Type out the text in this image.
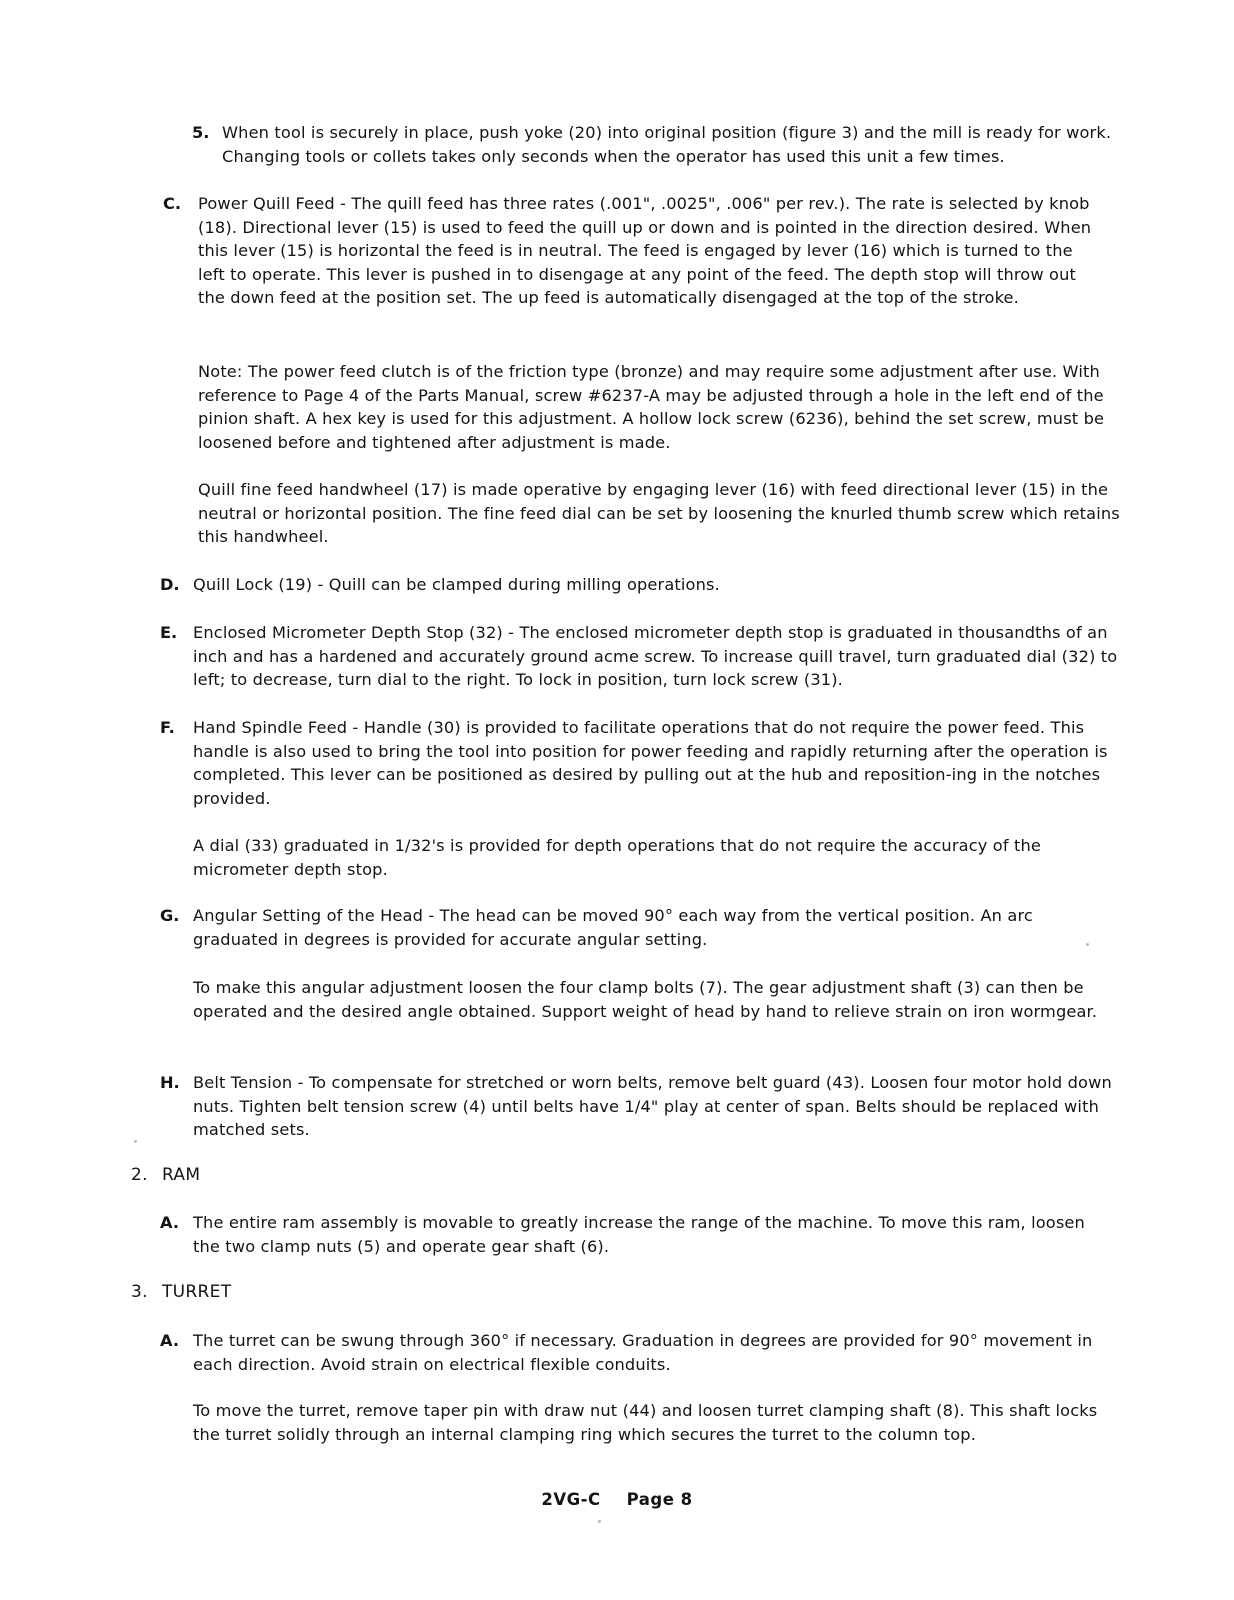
5. When tool is securely in place, push yoke (20) into original position (figure 3) and the mill is ready for work. Changing tools or collets takes only seconds when the operator has used this unit a few times.

C. Power Quill Feed - The quill feed has three rates (.001", .0025", .006" per rev.). The rate is selected by knob (18). Directional lever (15) is used to feed the quill up or down and is pointed in the direction desired. When this lever (15) is horizontal the feed is in neutral. The feed is engaged by lever (16) which is turned to the left to operate. This lever is pushed in to disengage at any point of the feed. The depth stop will throw out the down feed at the position set. The up feed is automatically disengaged at the top of the stroke.

Note: The power feed clutch is of the friction type (bronze) and may require some adjustment after use. With reference to Page 4 of the Parts Manual, screw #6237-A may be adjusted through a hole in the left end of the pinion shaft. A hex key is used for this adjustment. A hollow lock screw (6236), behind the set screw, must be loosened before and tightened after adjustment is made.

Quill fine feed handwheel (17) is made operative by engaging lever (16) with feed directional lever (15) in the neutral or horizontal position. The fine feed dial can be set by loosening the knurled thumb screw which retains this handwheel.

D. Quill Lock (19) - Quill can be clamped during milling operations.

E. Enclosed Micrometer Depth Stop (32) - The enclosed micrometer depth stop is graduated in thousandths of an inch and has a hardened and accurately ground acme screw. To increase quill travel, turn graduated dial (32) to left; to decrease, turn dial to the right. To lock in position, turn lock screw (31).

F. Hand Spindle Feed - Handle (30) is provided to facilitate operations that do not require the power feed. This handle is also used to bring the tool into position for power feeding and rapidly returning after the operation is completed. This lever can be positioned as desired by pulling out at the hub and reposition-ing in the notches provided.

A dial (33) graduated in 1/32's is provided for depth operations that do not require the accuracy of the micrometer depth stop.

G. Angular Setting of the Head - The head can be moved 90° each way from the vertical position. An arc graduated in degrees is provided for accurate angular setting.

To make this angular adjustment loosen the four clamp bolts (7). The gear adjustment shaft (3) can then be operated and the desired angle obtained. Support weight of head by hand to relieve strain on iron wormgear.

H. Belt Tension - To compensate for stretched or worn belts, remove belt guard (43). Loosen four motor hold down nuts. Tighten belt tension screw (4) until belts have 1/4" play at center of span. Belts should be replaced with matched sets.

2. RAM
A. The entire ram assembly is movable to greatly increase the range of the machine. To move this ram, loosen the two clamp nuts (5) and operate gear shaft (6).

3. TURRET
A. The turret can be swung through 360° if necessary. Graduation in degrees are provided for 90° movement in each direction. Avoid strain on electrical flexible conduits.

To move the turret, remove taper pin with draw nut (44) and loosen turret clamping shaft (8). This shaft locks the turret solidly through an internal clamping ring which secures the turret to the column top.

2VG-C Page 8
